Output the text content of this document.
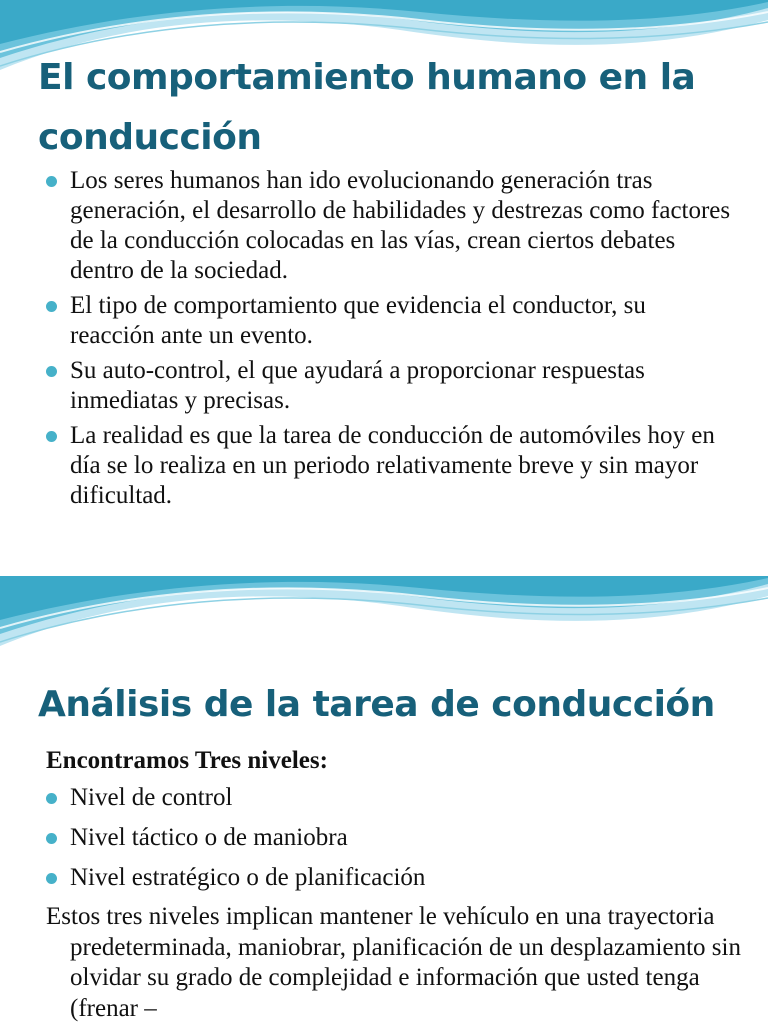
El comportamiento humano en la conducción
Los seres humanos han ido evolucionando generación tras generación, el desarrollo de habilidades y destrezas como factores de la conducción colocadas en las vías, crean ciertos debates dentro de la sociedad.
El tipo de comportamiento que evidencia el conductor, su reacción ante un evento.
Su auto-control, el que ayudará a proporcionar respuestas inmediatas y precisas.
La realidad es que la tarea de conducción de automóviles hoy en día se lo realiza en un periodo relativamente breve y sin mayor dificultad.
Análisis de la tarea de conducción

Encontramos Tres niveles:

Nivel de control
Nivel táctico o de maniobra
Nivel estratégico o de planificación

Estos tres niveles implican mantener le vehículo en una trayectoria predeterminada, maniobrar, planificación de un desplazamiento sin olvidar su grado de complejidad e información que usted tenga (frenar –
